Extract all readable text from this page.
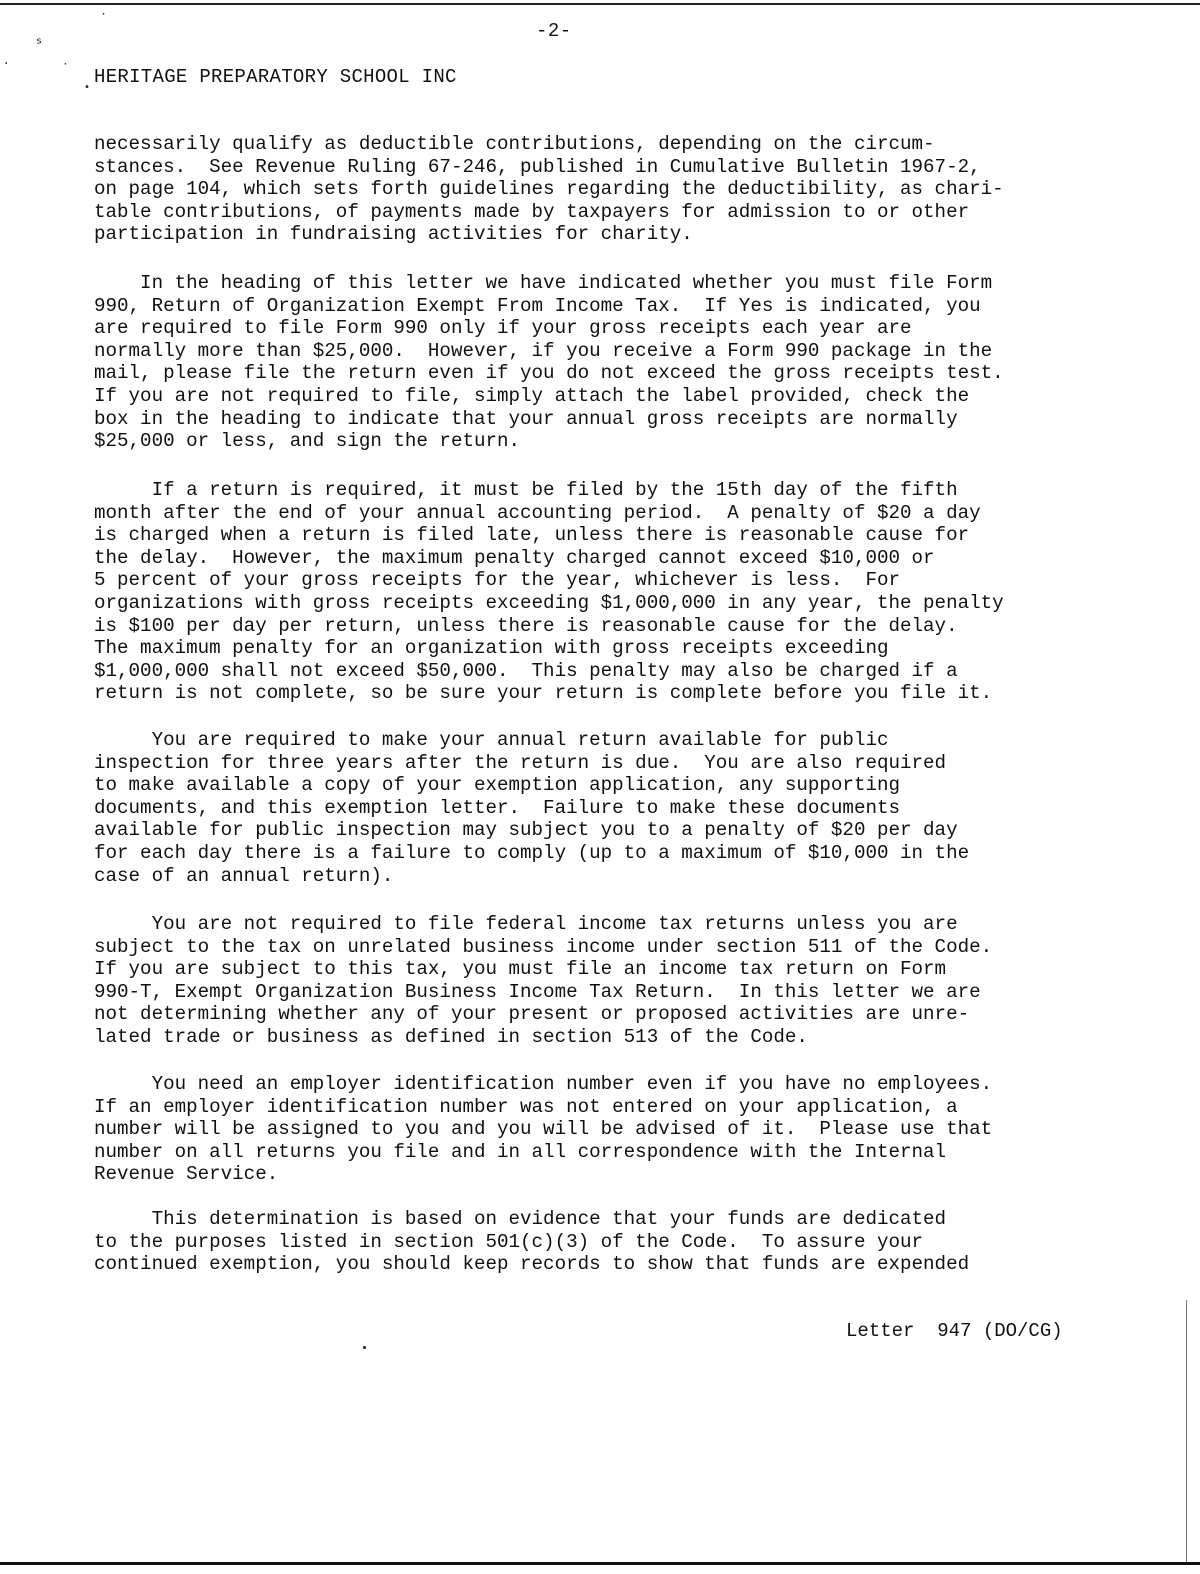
˙
ˢ
·	˙
•
-2-
HERITAGE PREPARATORY SCHOOL INC

necessarily qualify as deductible contributions, depending on the circum-
stances.  See Revenue Ruling 67-246, published in Cumulative Bulletin 1967-2,
on page 104, which sets forth guidelines regarding the deductibility, as chari-
table contributions, of payments made by taxpayers for admission to or other
participation in fundraising activities for charity.

In the heading of this letter we have indicated whether you must file Form
990, Return of Organization Exempt From Income Tax.  If Yes is indicated, you
are required to file Form 990 only if your gross receipts each year are
normally more than $25,000.  However, if you receive a Form 990 package in the
mail, please file the return even if you do not exceed the gross receipts test.
If you are not required to file, simply attach the label provided, check the
box in the heading to indicate that your annual gross receipts are normally
$25,000 or less, and sign the return.

If a return is required, it must be filed by the 15th day of the fifth
month after the end of your annual accounting period.  A penalty of $20 a day
is charged when a return is filed late, unless there is reasonable cause for
the delay.  However, the maximum penalty charged cannot exceed $10,000 or
5 percent of your gross receipts for the year, whichever is less.  For
organizations with gross receipts exceeding $1,000,000 in any year, the penalty
is $100 per day per return, unless there is reasonable cause for the delay.
The maximum penalty for an organization with gross receipts exceeding
$1,000,000 shall not exceed $50,000.  This penalty may also be charged if a
return is not complete, so be sure your return is complete before you file it.

You are required to make your annual return available for public
inspection for three years after the return is due.  You are also required
to make available a copy of your exemption application, any supporting
documents, and this exemption letter.  Failure to make these documents
available for public inspection may subject you to a penalty of $20 per day
for each day there is a failure to comply (up to a maximum of $10,000 in the
case of an annual return).

You are not required to file federal income tax returns unless you are
subject to the tax on unrelated business income under section 511 of the Code.
If you are subject to this tax, you must file an income tax return on Form
990-T, Exempt Organization Business Income Tax Return.  In this letter we are
not determining whether any of your present or proposed activities are unre-
lated trade or business as defined in section 513 of the Code.

You need an employer identification number even if you have no employees.
If an employer identification number was not entered on your application, a
number will be assigned to you and you will be advised of it.  Please use that
number on all returns you file and in all correspondence with the Internal
Revenue Service.

This determination is based on evidence that your funds are dedicated
to the purposes listed in section 501(c)(3) of the Code.  To assure your
continued exemption, you should keep records to show that funds are expended

Letter  947 (DO/CG)
